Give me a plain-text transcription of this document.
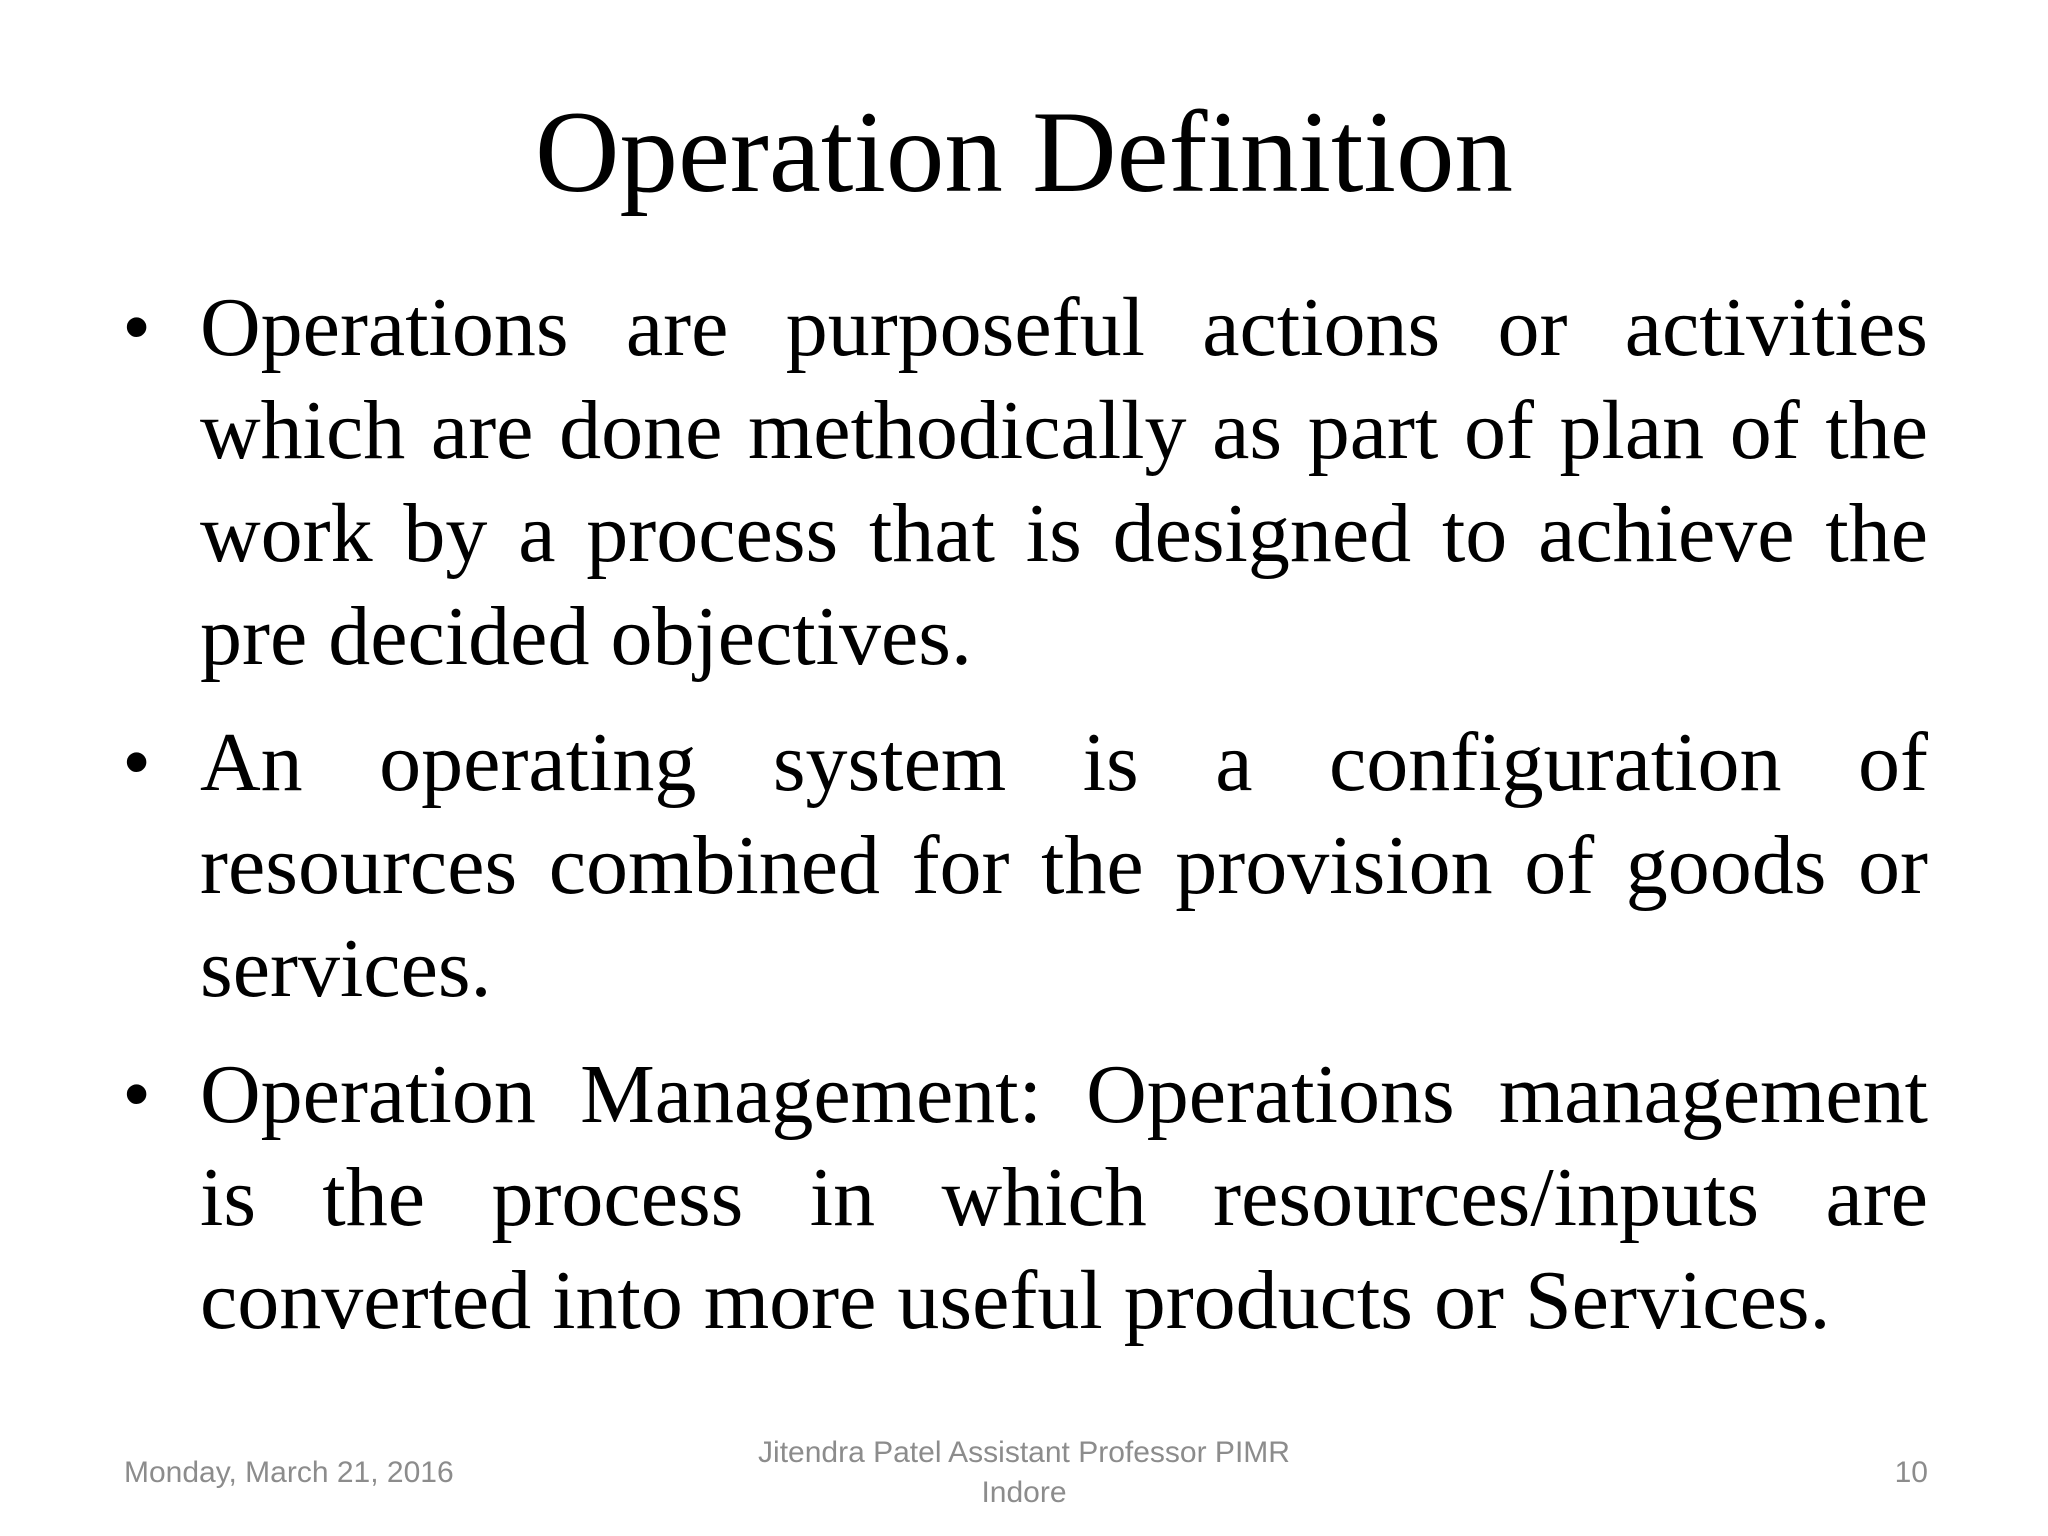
Operation Definition
• Operations are purposeful actions or activities which are done methodically as part of plan of the work by a process that is designed to achieve the pre decided objectives.
• An operating system is a configuration of resources combined for the provision of goods or services.
• Operation Management: Operations management is the process in which resources/inputs are converted into more useful products or Services.
Monday, March 21, 2016
Jitendra Patel Assistant Professor PIMR Indore
10
